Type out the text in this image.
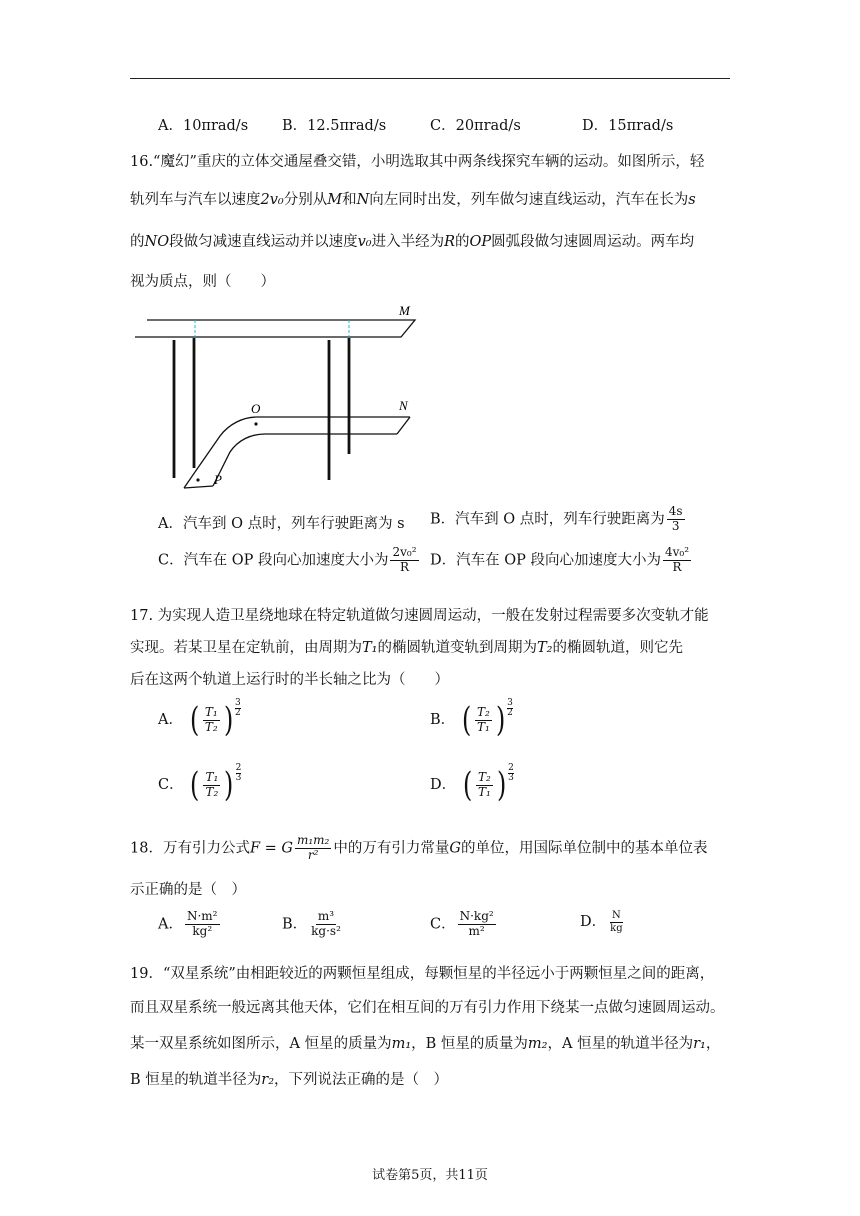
A．10πrad/s B．12.5πrad/s	C．20πrad/s	D．15πrad/s
16.“魔幻”重庆的立体交通屋叠交错，小明选取其中两条线探究车辆的运动。如图所示，轻
轨列车与汽车以速度2v₀分别从M和N向左同时出发，列车做匀速直线运动，汽车在长为s
的NO段做匀减速直线运动并以速度v₀进入半经为R的OP圆弧段做匀速圆周运动。两车均
视为质点，则（　　）
M
N
O
P
A．汽车到 O 点时，列车行驶距离为 s B．汽车到 O 点时，列车行驶距离为 $\frac{4s}{3}$
C．汽车在 OP 段向心加速度大小为 $\frac{\text{2v₀²}}{R}$ D．汽车在 OP 段向心加速度大小为 $\frac{\text{4v₀²}}{R}$
17. 为实现人造卫星绕地球在特定轨道做匀速圆周运动，一般在发射过程需要多次变轨才能
实现。若某卫星在定轨前，由周期为T₁的椭圆轨道变轨到周期为T₂的椭圆轨道，则它先
后在这两个轨道上运行时的半长轴之比为（　　）
A． ( $\frac{\text{T₁}}{\text{T₂}}$ ) $^{3 2}$	B． ( $\frac{\text{T₂}}{\text{T₁}}$ ) $^{3 2}$
C． ( $\frac{\text{T₁}}{\text{T₂}}$ ) $^{2 3}$	D． ( $\frac{\text{T₂}}{\text{T₁}}$ ) $^{2 3}$
18．万有引力公式F = G $\frac{\text{m₁m₂}}{\text{r²}}$ 中的万有引力常量G的单位，用国际单位制中的基本单位表
示正确的是（　）
A． $\frac{\text{N·m²}}{\text{kg²}}$	B． $\frac{\text{m³}}{\text{kg·s²}}$	C． $\frac{\text{N·kg²}}{\text{m²}}$	D． $\frac{N}{kg}$
19．“双星系统”由相距较近的两颗恒星组成，每颗恒星的半径远小于两颗恒星之间的距离，
而且双星系统一般远离其他天体，它们在相互间的万有引力作用下绕某一点做匀速圆周运动。
某一双星系统如图所示，A 恒星的质量为m₁，B 恒星的质量为m₂，A 恒星的轨道半径为r₁，
B 恒星的轨道半径为r₂，下列说法正确的是（　）
试卷第5页，共11页
